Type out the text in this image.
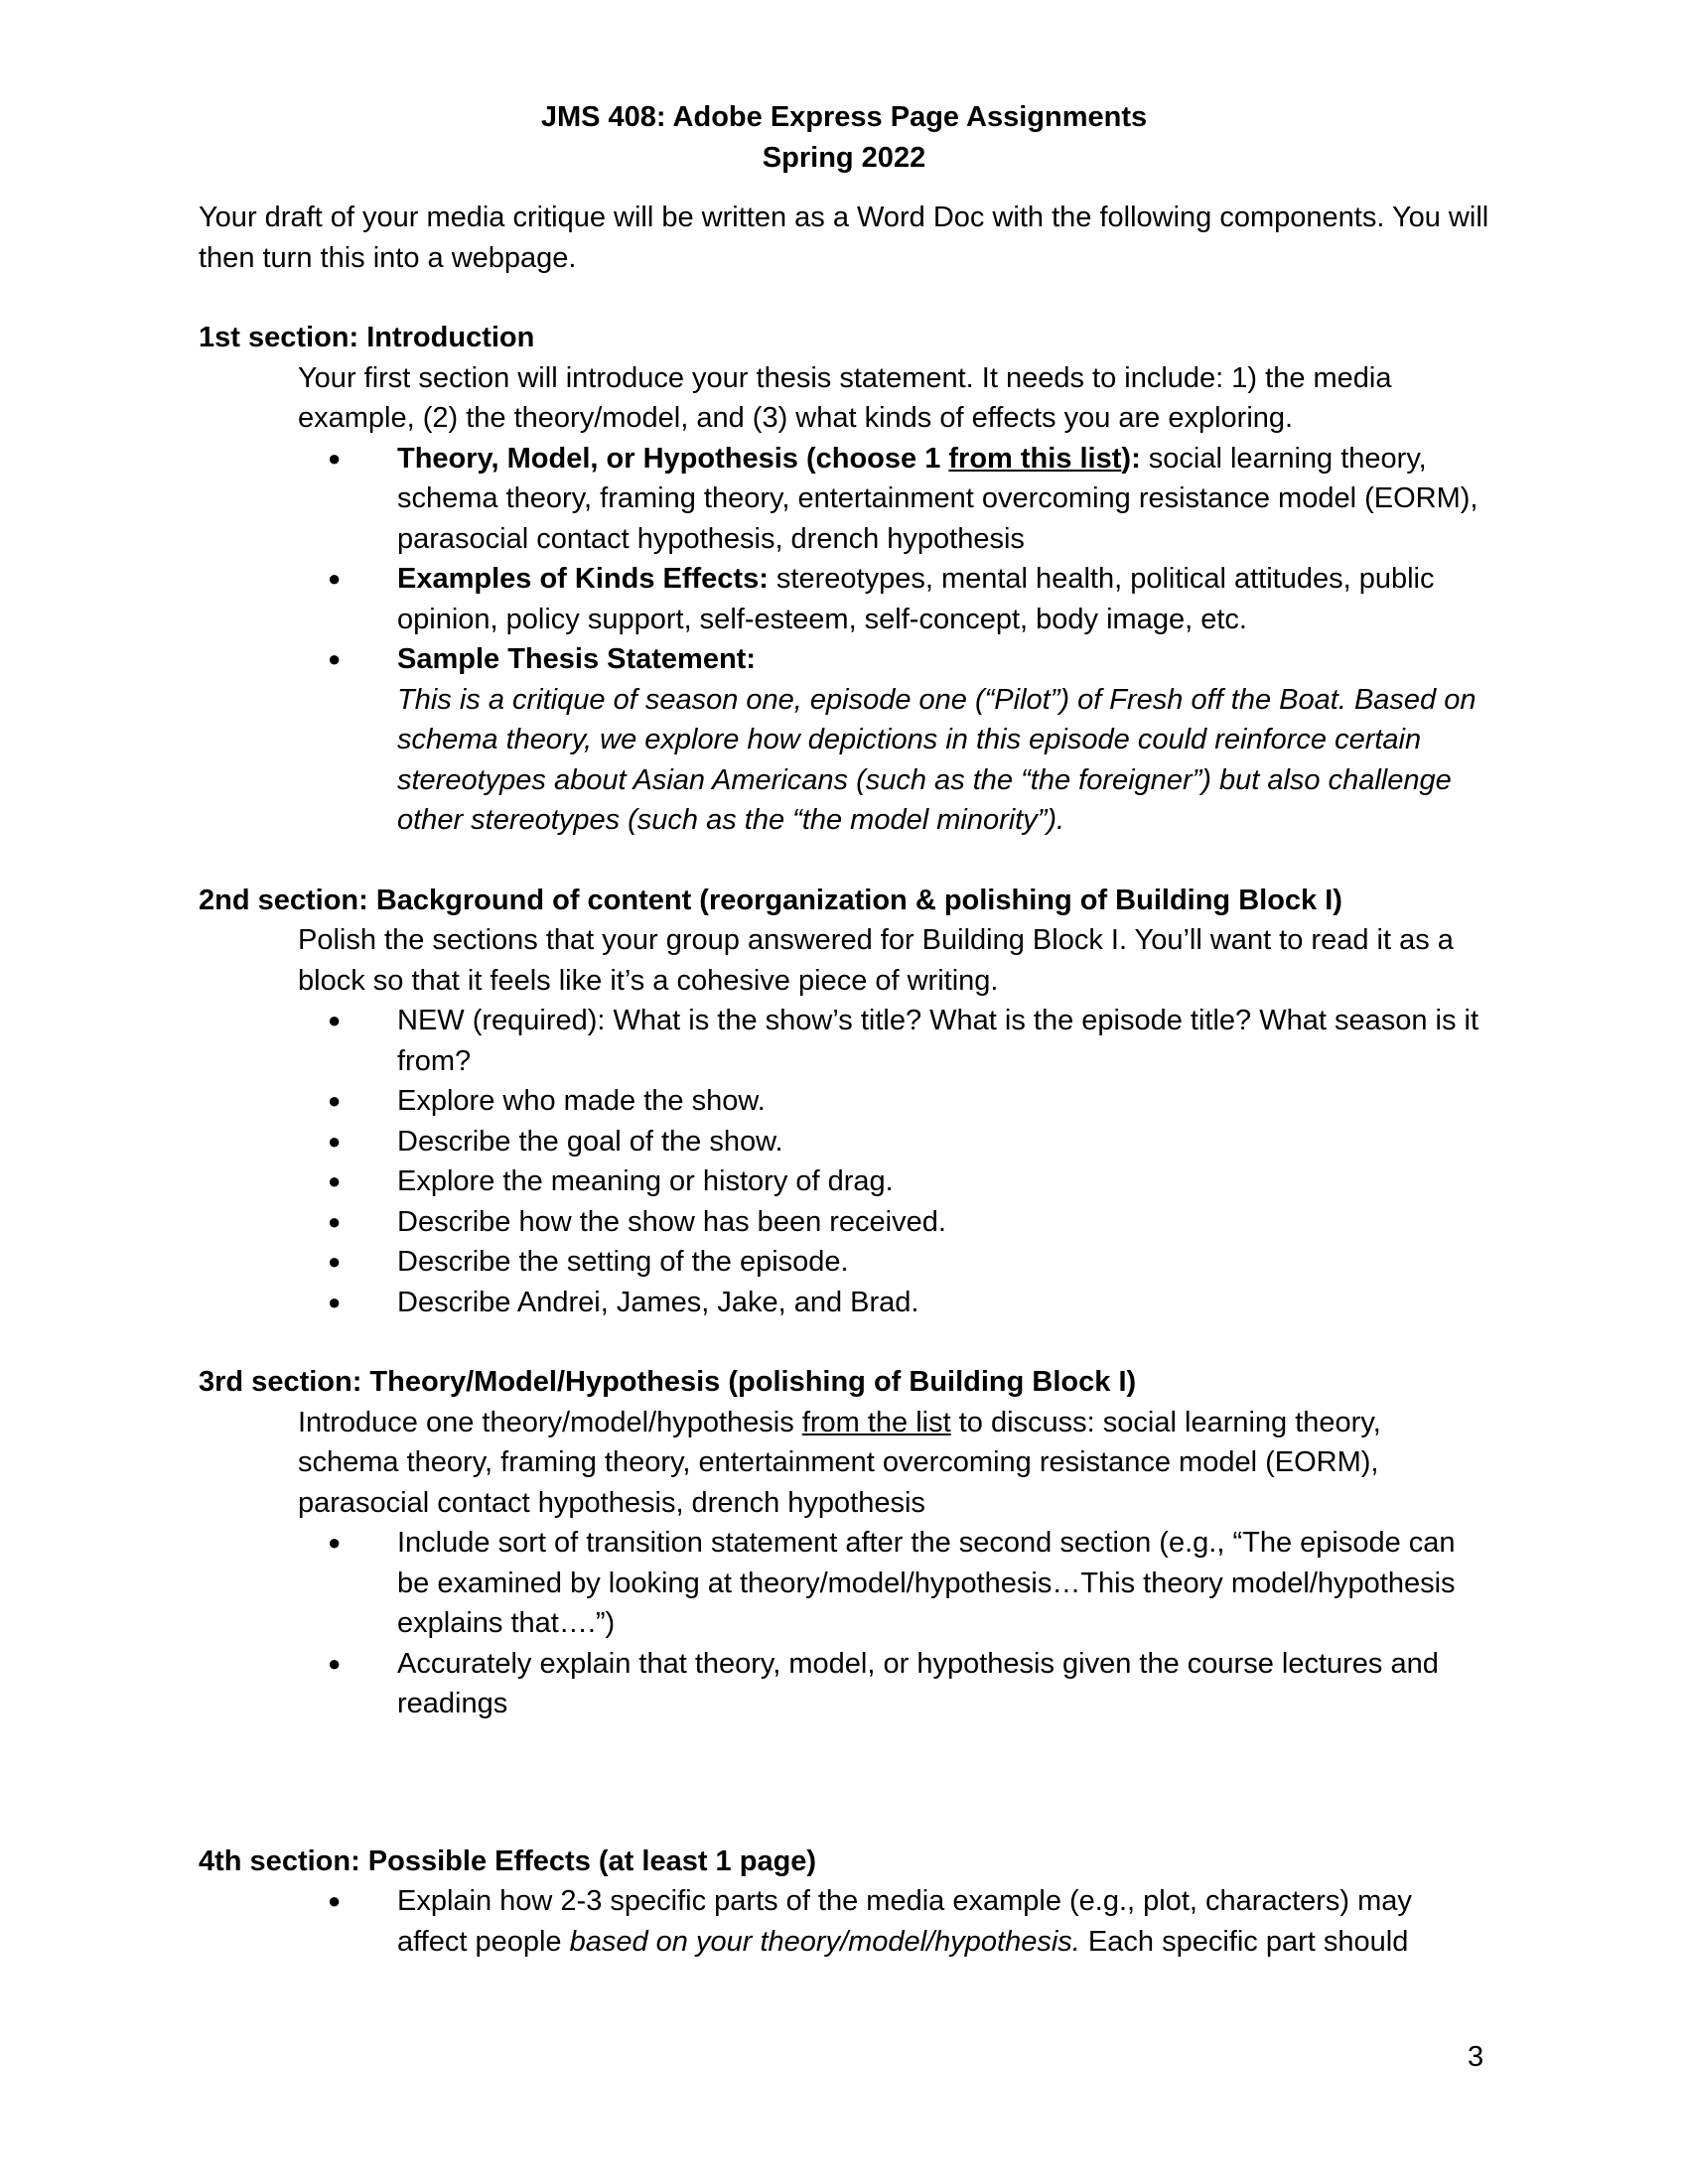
JMS 408: Adobe Express Page Assignments
Spring 2022
Your draft of your media critique will be written as a Word Doc with the following components. You will then turn this into a webpage.
1st section: Introduction
Your first section will introduce your thesis statement. It needs to include: 1) the media example, (2) the theory/model, and (3) what kinds of effects you are exploring.
● Theory, Model, or Hypothesis (choose 1 from this list): social learning theory, schema theory, framing theory, entertainment overcoming resistance model (EORM), parasocial contact hypothesis, drench hypothesis
● Examples of Kinds Effects: stereotypes, mental health, political attitudes, public opinion, policy support, self-esteem, self-concept, body image, etc.
● Sample Thesis Statement:
This is a critique of season one, episode one (“Pilot”) of Fresh off the Boat. Based on schema theory, we explore how depictions in this episode could reinforce certain stereotypes about Asian Americans (such as the “the foreigner”) but also challenge other stereotypes (such as the “the model minority”).
2nd section: Background of content (reorganization & polishing of Building Block I)
Polish the sections that your group answered for Building Block I. You’ll want to read it as a block so that it feels like it’s a cohesive piece of writing.
● NEW (required): What is the show’s title? What is the episode title? What season is it from?
● Explore who made the show.
● Describe the goal of the show.
● Explore the meaning or history of drag.
● Describe how the show has been received.
● Describe the setting of the episode.
● Describe Andrei, James, Jake, and Brad.
3rd section: Theory/Model/Hypothesis (polishing of Building Block I)
Introduce one theory/model/hypothesis from the list to discuss: social learning theory, schema theory, framing theory, entertainment overcoming resistance model (EORM), parasocial contact hypothesis, drench hypothesis
● Include sort of transition statement after the second section (e.g., “The episode can be examined by looking at theory/model/hypothesis…This theory model/hypothesis explains that….”)
● Accurately explain that theory, model, or hypothesis given the course lectures and readings
4th section: Possible Effects (at least 1 page)
● Explain how 2-3 specific parts of the media example (e.g., plot, characters) may affect people based on your theory/model/hypothesis. Each specific part should
3
